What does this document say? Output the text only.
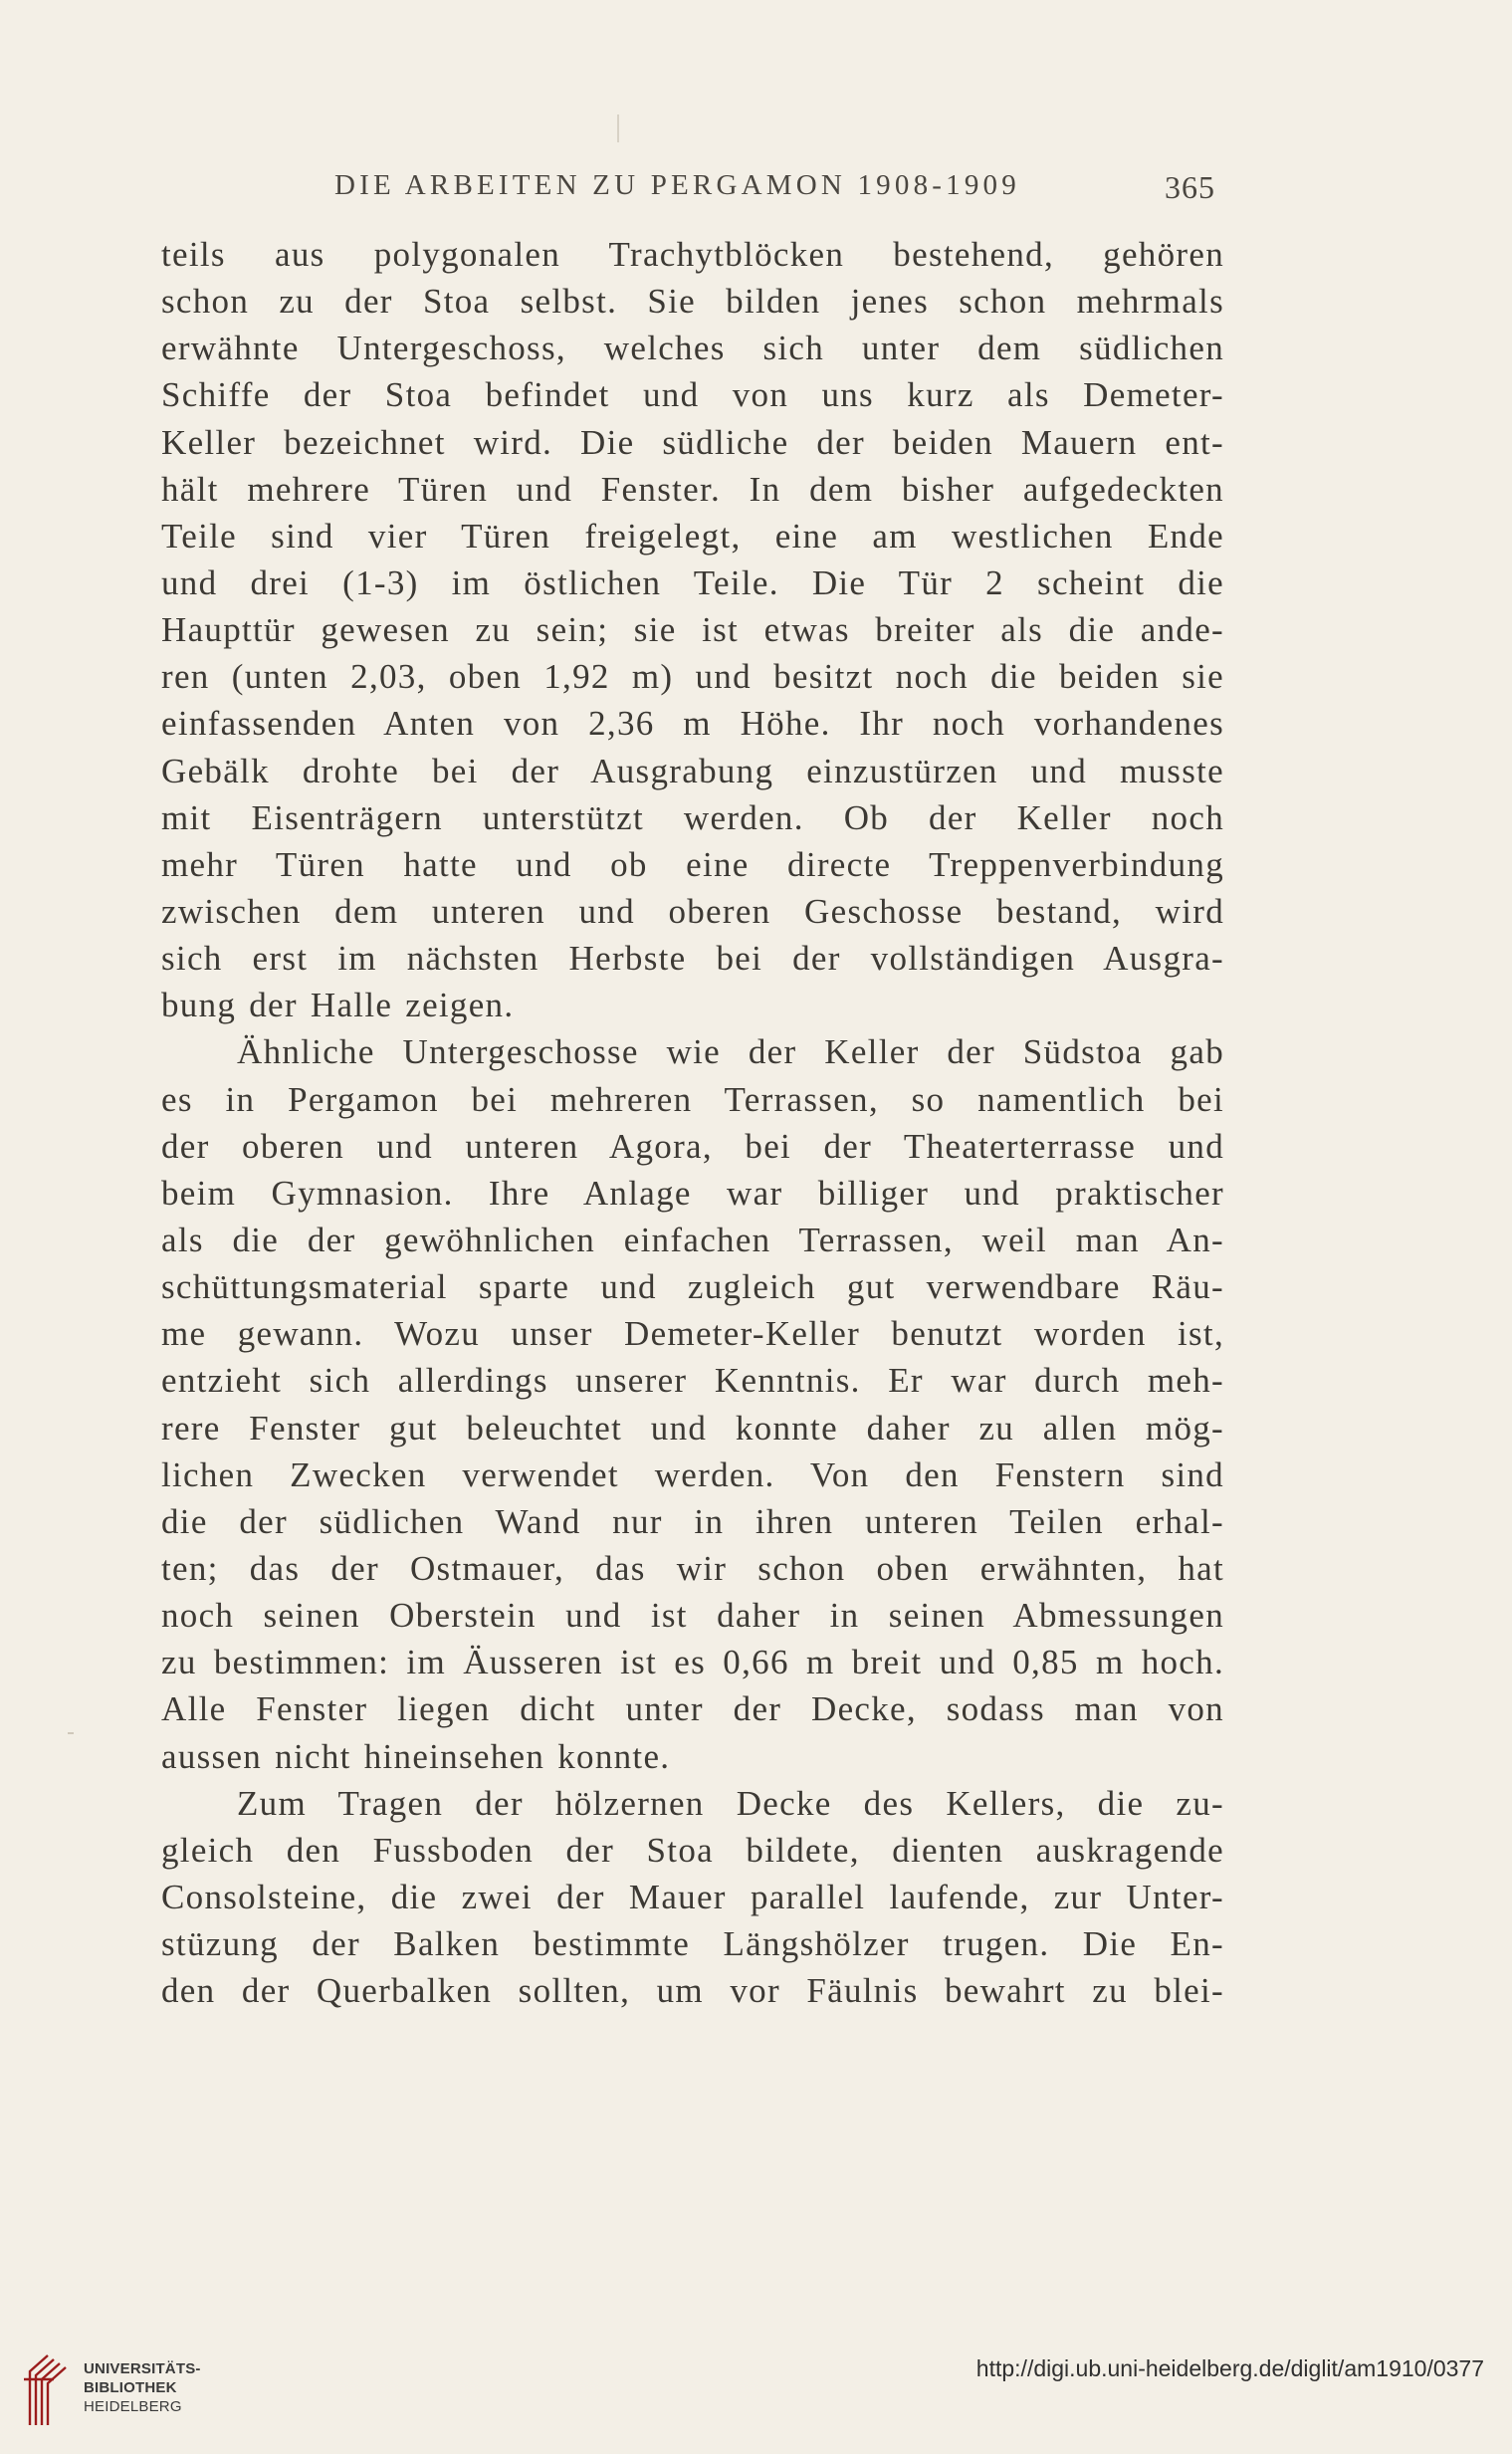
DIE ARBEITEN ZU PERGAMON 1908-1909	365
teils aus polygonalen Trachytblöcken bestehend, gehören
schon zu der Stoa selbst. Sie bilden jenes schon mehrmals
erwähnte Untergeschoss, welches sich unter dem südlichen
Schiffe der Stoa befindet und von uns kurz als Demeter-
Keller bezeichnet wird. Die südliche der beiden Mauern ent-
hält mehrere Türen und Fenster. In dem bisher aufgedeckten
Teile sind vier Türen freigelegt, eine am westlichen Ende
und drei (1-3) im östlichen Teile. Die Tür 2 scheint die
Haupttür gewesen zu sein; sie ist etwas breiter als die ande-
ren (unten 2,03, oben 1,92 m) und besitzt noch die beiden sie
einfassenden Anten von 2,36 m Höhe. Ihr noch vorhandenes
Gebälk drohte bei der Ausgrabung einzustürzen und musste
mit Eisenträgern unterstützt werden. Ob der Keller noch
mehr Türen hatte und ob eine directe Treppenverbindung
zwischen dem unteren und oberen Geschosse bestand, wird
sich erst im nächsten Herbste bei der vollständigen Ausgra-
bung der Halle zeigen.
Ähnliche Untergeschosse wie der Keller der Südstoa gab
es in Pergamon bei mehreren Terrassen, so namentlich bei
der oberen und unteren Agora, bei der Theaterterrasse und
beim Gymnasion. Ihre Anlage war billiger und praktischer
als die der gewöhnlichen einfachen Terrassen, weil man An-
schüttungsmaterial sparte und zugleich gut verwendbare Räu-
me gewann. Wozu unser Demeter-Keller benutzt worden ist,
entzieht sich allerdings unserer Kenntnis. Er war durch meh-
rere Fenster gut beleuchtet und konnte daher zu allen mög-
lichen Zwecken verwendet werden. Von den Fenstern sind
die der südlichen Wand nur in ihren unteren Teilen erhal-
ten; das der Ostmauer, das wir schon oben erwähnten, hat
noch seinen Oberstein und ist daher in seinen Abmessungen
zu bestimmen: im Äusseren ist es 0,66 m breit und 0,85 m hoch.
Alle Fenster liegen dicht unter der Decke, sodass man von
aussen nicht hineinsehen konnte.
Zum Tragen der hölzernen Decke des Kellers, die zu-
gleich den Fussboden der Stoa bildete, dienten auskragende
Consolsteine, die zwei der Mauer parallel laufende, zur Unter-
stüzung der Balken bestimmte Längshölzer trugen. Die En-
den der Querbalken sollten, um vor Fäulnis bewahrt zu blei-
UNIVERSITÄTS-
BIBLIOTHEK
HEIDELBERG
http://digi.ub.uni-heidelberg.de/diglit/am1910/0377
